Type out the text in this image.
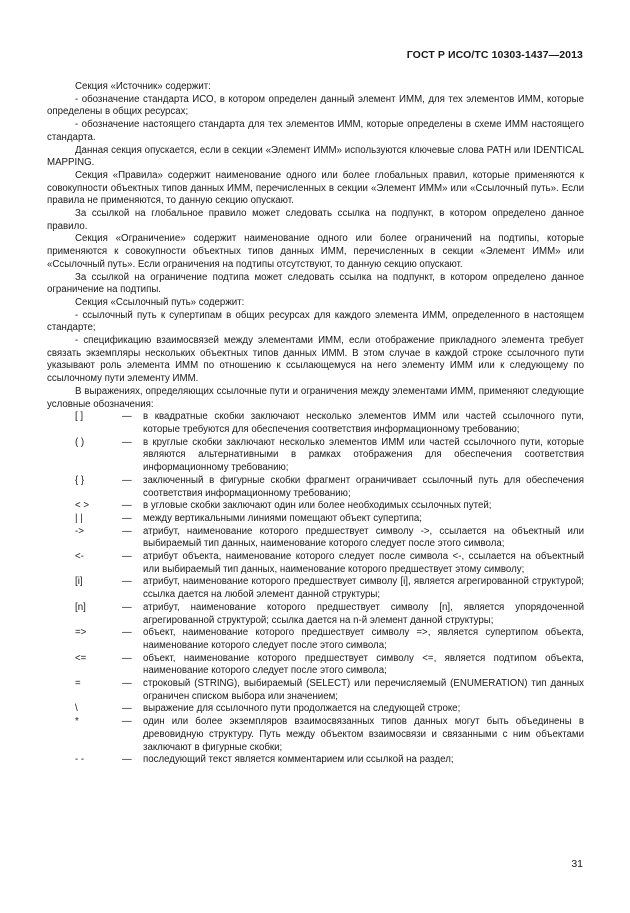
ГОСТ Р ИСО/ТС 10303-1437—2013

Секция «Источник» содержит:

- обозначение стандарта ИСО, в котором определен данный элемент ИММ, для тех элементов ИММ, которые определены в общих ресурсах;

- обозначение настоящего стандарта для тех элементов ИММ, которые определены в схеме ИММ настоящего стандарта.

Данная секция опускается, если в секции «Элемент ИММ» используются ключевые слова PATH или IDENTICAL MAPPING.

Секция «Правила» содержит наименование одного или более глобальных правил, которые применяются к совокупности объектных типов данных ИММ, перечисленных в секции «Элемент ИММ» или «Ссылочный путь». Если правила не применяются, то данную секцию опускают.

За ссылкой на глобальное правило может следовать ссылка на подпункт, в котором определено данное правило.

Секция «Ограничение» содержит наименование одного или более ограничений на подтипы, которые применяются к совокупности объектных типов данных ИММ, перечисленных в секции «Элемент ИММ» или «Ссылочный путь». Если ограничения на подтипы отсутствуют, то данную секцию опускают.

За ссылкой на ограничение подтипа может следовать ссылка на подпункт, в котором определено данное ограничение на подтипы.

Секция «Ссылочный путь» содержит:

- ссылочный путь к супертипам в общих ресурсах для каждого элемента ИММ, определенного в настоящем стандарте;

- спецификацию взаимосвязей между элементами ИММ, если отображение прикладного элемента требует связать экземпляры нескольких объектных типов данных ИММ. В этом случае в каждой строке ссылочного пути указывают роль элемента ИММ по отношению к ссылающемуся на него элементу ИММ или к следующему по ссылочному пути элементу ИММ.

В выражениях, определяющих ссылочные пути и ограничения между элементами ИММ, применяют следующие условные обозначения:

[ ]	—	в квадратные скобки заключают несколько элементов ИММ или частей ссылочного пути, которые требуются для обеспечения соответствия информационному требованию;
( )	—	в круглые скобки заключают несколько элементов ИММ или частей ссылочного пути, которые являются альтернативными в рамках отображения для обеспечения соответствия информационному требованию;
{ }	—	заключенный в фигурные скобки фрагмент ограничивает ссылочный путь для обеспечения соответствия информационному требованию;
< >	—	в угловые скобки заключают один или более необходимых ссылочных путей;
| |	—	между вертикальными линиями помещают объект супертипа;
->	—	атрибут, наименование которого предшествует символу ->, ссылается на объектный или выбираемый тип данных, наименование которого следует после этого символа;
<-	—	атрибут объекта, наименование которого следует после символа <-, ссылается на объектный или выбираемый тип данных, наименование которого предшествует этому символу;
[i]	—	атрибут, наименование которого предшествует символу [i], является агрегированной структурой; ссылка дается на любой элемент данной структуры;
[n]	—	атрибут, наименование которого предшествует символу [n], является упорядоченной агрегированной структурой; ссылка дается на n-й элемент данной структуры;
=>	—	объект, наименование которого предшествует символу =>, является супертипом объекта, наименование которого следует после этого символа;
<=	—	объект, наименование которого предшествует символу <=, является подтипом объекта, наименование которого следует после этого символа;
=	—	строковый (STRING), выбираемый (SELECT) или перечисляемый (ENUMERATION) тип данных ограничен списком выбора или значением;
\	—	выражение для ссылочного пути продолжается на следующей строке;
*	—	один или более экземпляров взаимосвязанных типов данных могут быть объединены в древовидную структуру. Путь между объектом взаимосвязи и связанными с ним объектами заключают в фигурные скобки;
- -	—	последующий текст является комментарием или ссылкой на раздел;
31
